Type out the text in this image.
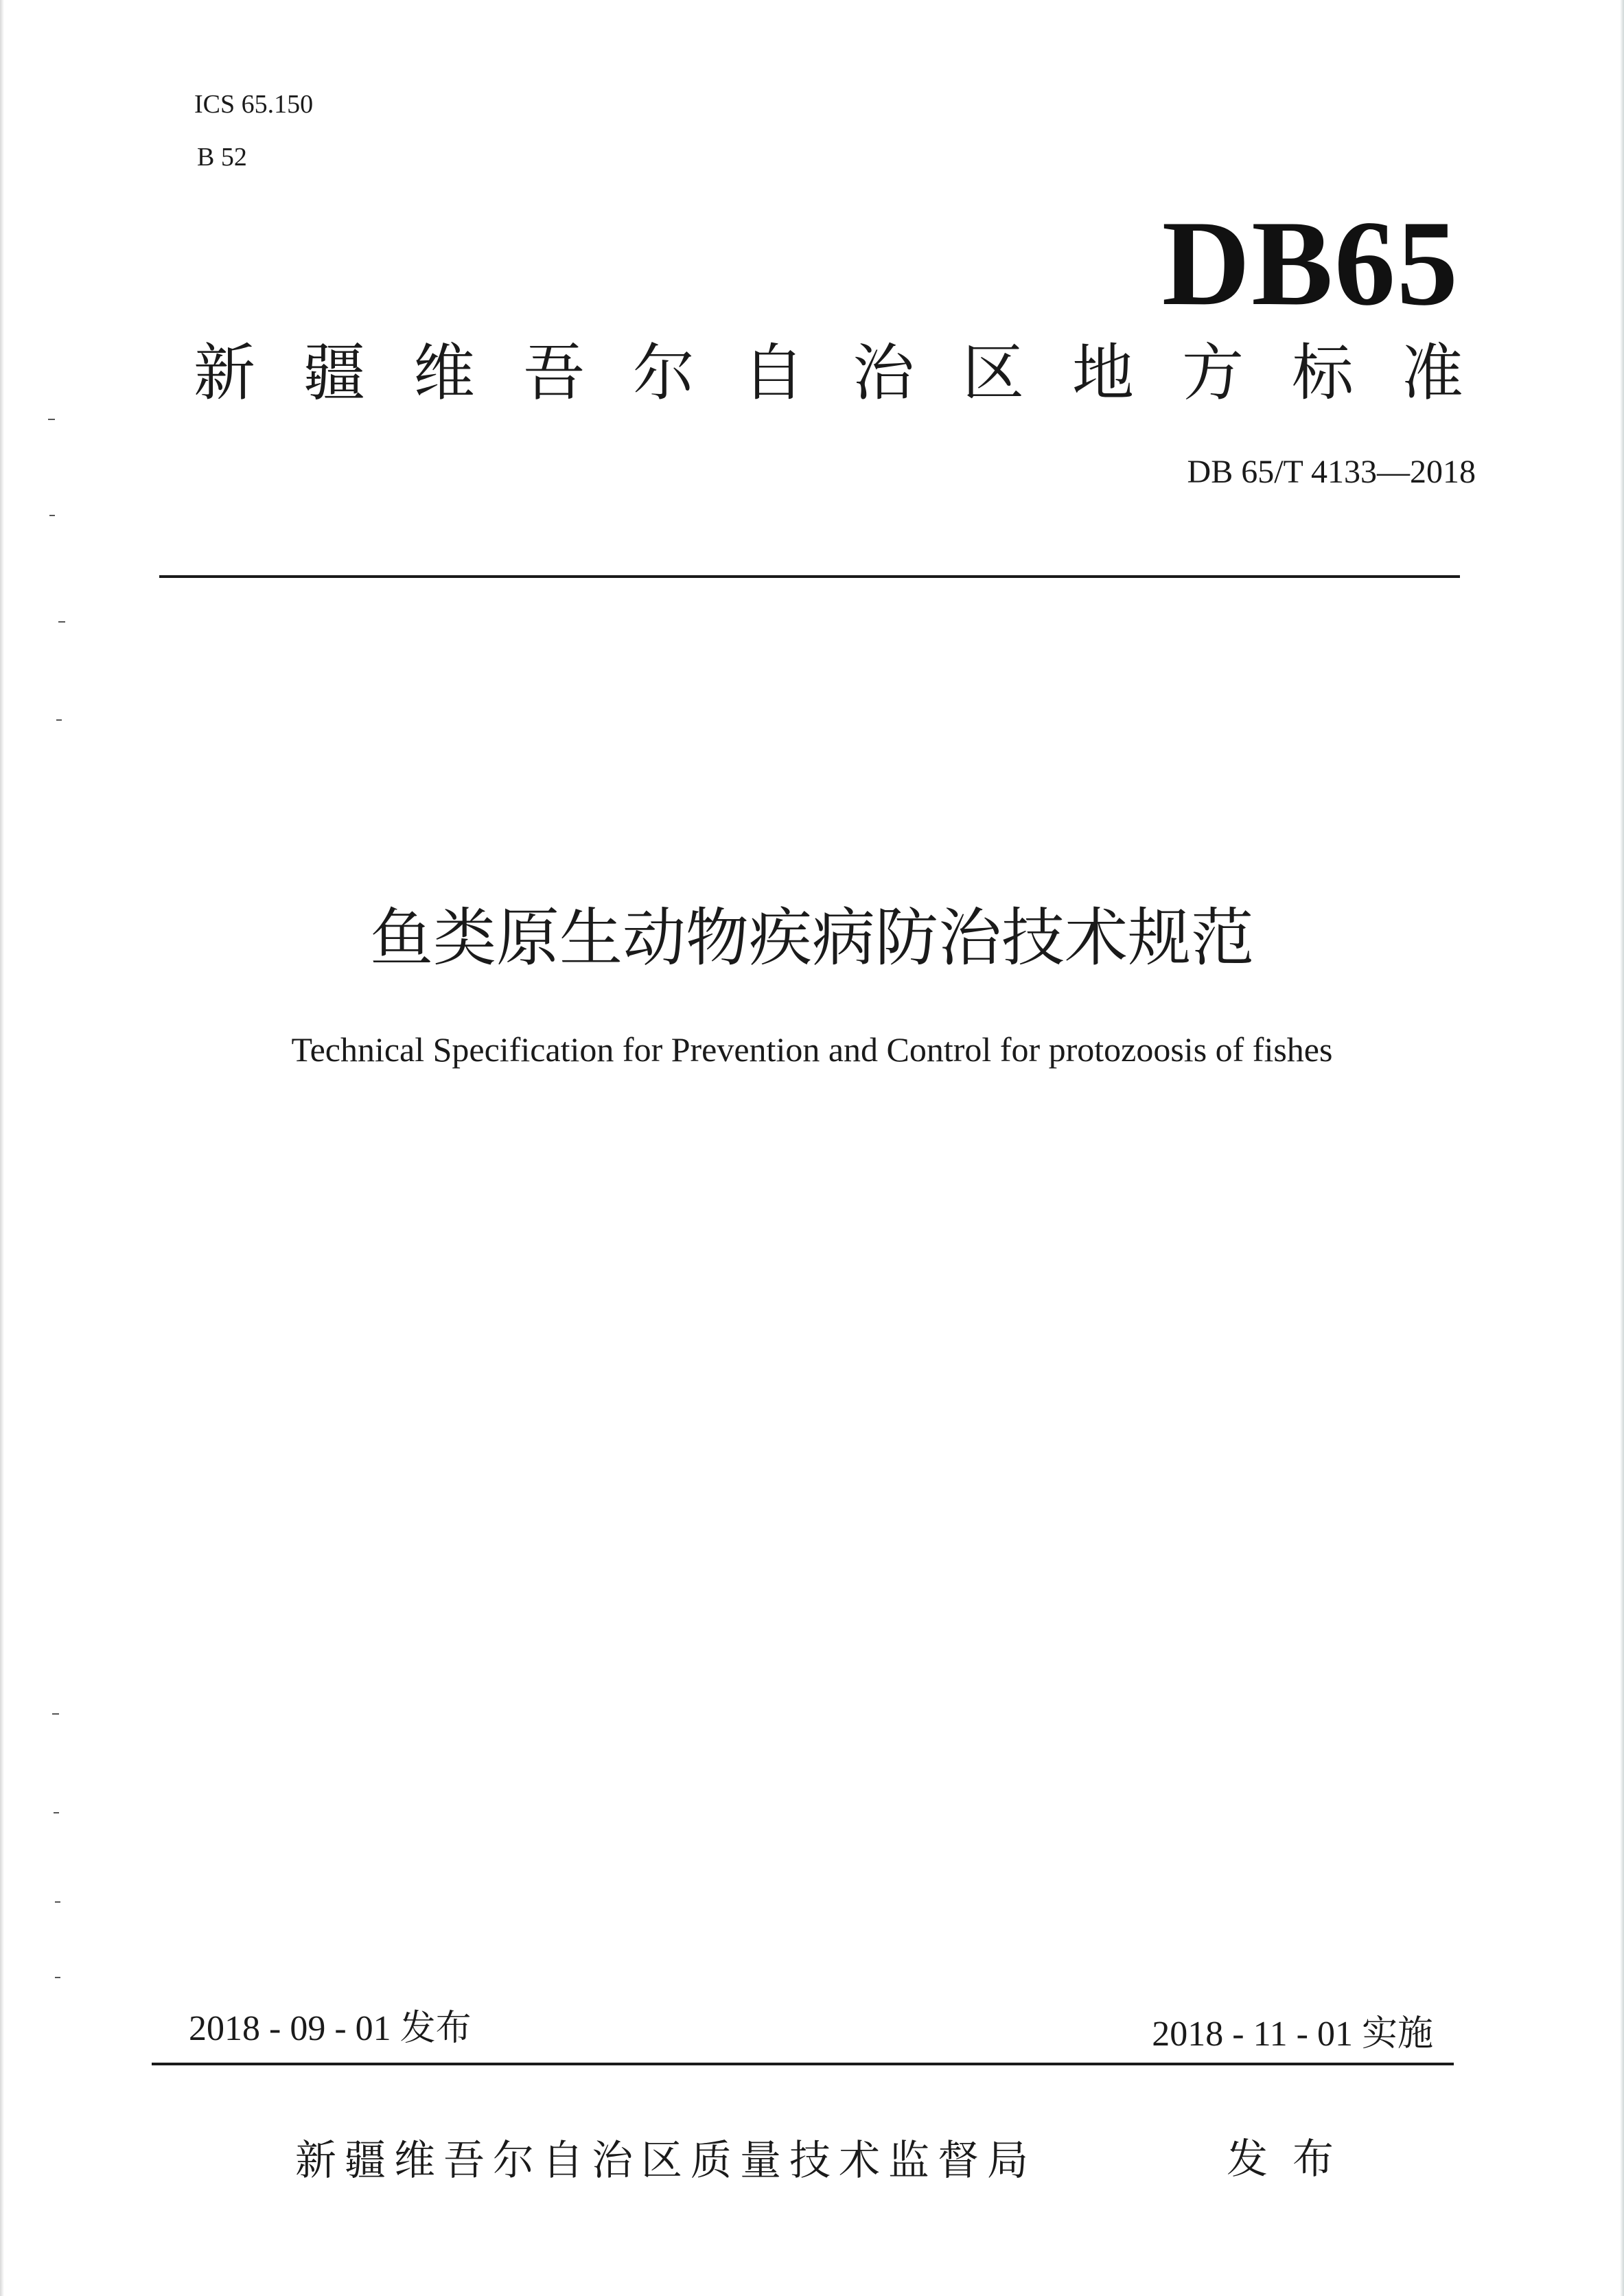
ICS 65.150
B 52
DB65
新疆维吾尔自治区地方标准
DB 65/T 4133—2018
鱼类原生动物疾病防治技术规范
Technical Specification for Prevention and Control for protozoosis of fishes
2018 - 09 - 01 发布	2018 - 11 - 01 实施
新疆维吾尔自治区质量技术监督局	发布
